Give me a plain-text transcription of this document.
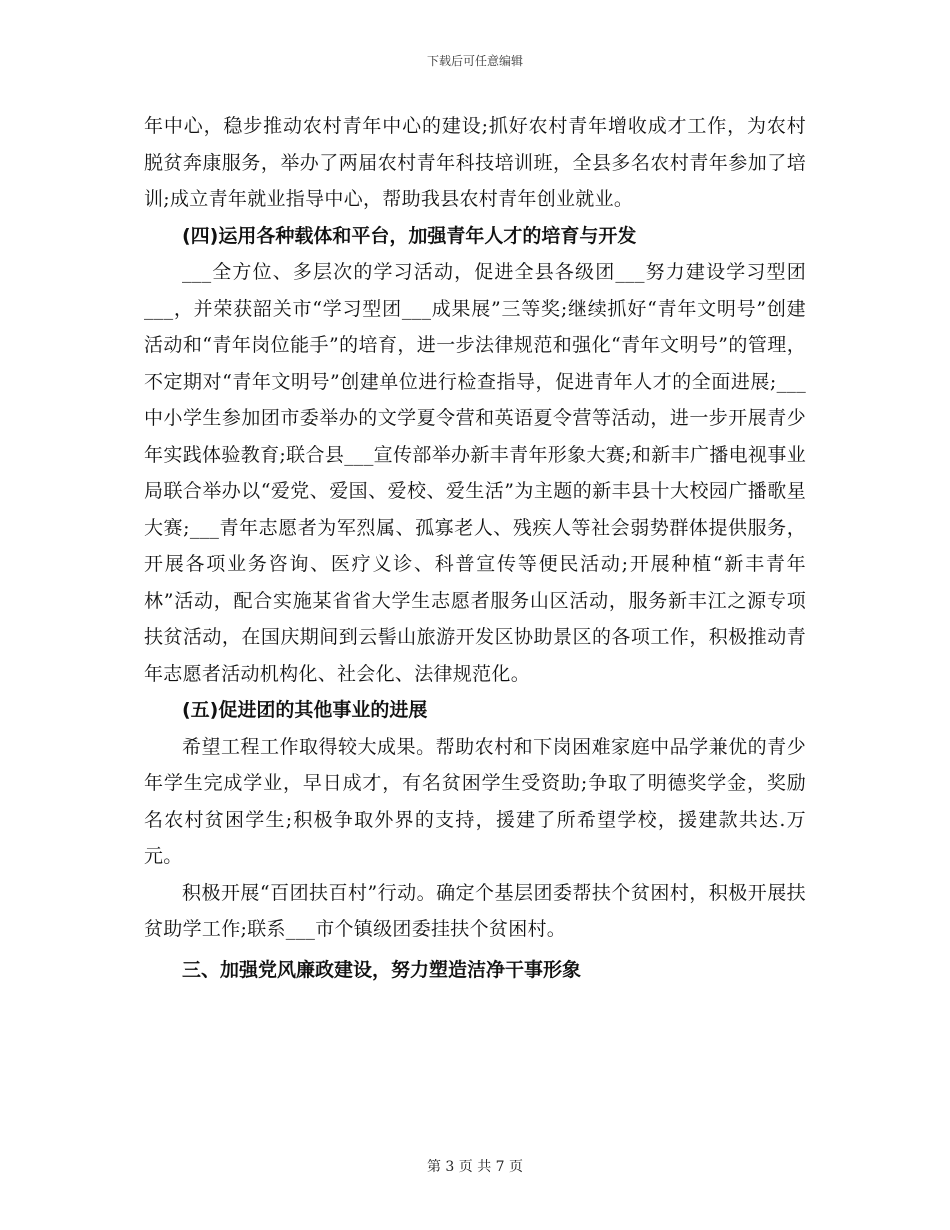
下载后可任意编辑

年中心，稳步推动农村青年中心的建设;抓好农村青年增收成才工作，为农村脱贫奔康服务，举办了两届农村青年科技培训班，全县多名农村青年参加了培训;成立青年就业指导中心，帮助我县农村青年创业就业。

(四)运用各种载体和平台，加强青年人才的培育与开发

___全方位、多层次的学习活动，促进全县各级团___努力建设学习型团___，并荣获韶关市“学习型团___成果展”三等奖;继续抓好“青年文明号”创建活动和“青年岗位能手”的培育，进一步法律规范和强化“青年文明号”的管理，不定期对“青年文明号”创建单位进行检查指导，促进青年人才的全面进展;___中小学生参加团市委举办的文学夏令营和英语夏令营等活动，进一步开展青少年实践体验教育;联合县___宣传部举办新丰青年形象大赛;和新丰广播电视事业局联合举办以“爱党、爱国、爱校、爱生活”为主题的新丰县十大校园广播歌星大赛;___青年志愿者为军烈属、孤寡老人、残疾人等社会弱势群体提供服务，开展各项业务咨询、医疗义诊、科普宣传等便民活动;开展种植“新丰青年林”活动，配合实施某省省大学生志愿者服务山区活动，服务新丰江之源专项扶贫活动，在国庆期间到云髻山旅游开发区协助景区的各项工作，积极推动青年志愿者活动机构化、社会化、法律规范化。

(五)促进团的其他事业的进展

希望工程工作取得较大成果。帮助农村和下岗困难家庭中品学兼优的青少年学生完成学业，早日成才，有名贫困学生受资助;争取了明德奖学金，奖励名农村贫困学生;积极争取外界的支持，援建了所希望学校，援建款共达.万元。

积极开展“百团扶百村”行动。确定个基层团委帮扶个贫困村，积极开展扶贫助学工作;联系___市个镇级团委挂扶个贫困村。

三、加强党风廉政建设，努力塑造洁净干事形象

第 3 页 共 7 页
